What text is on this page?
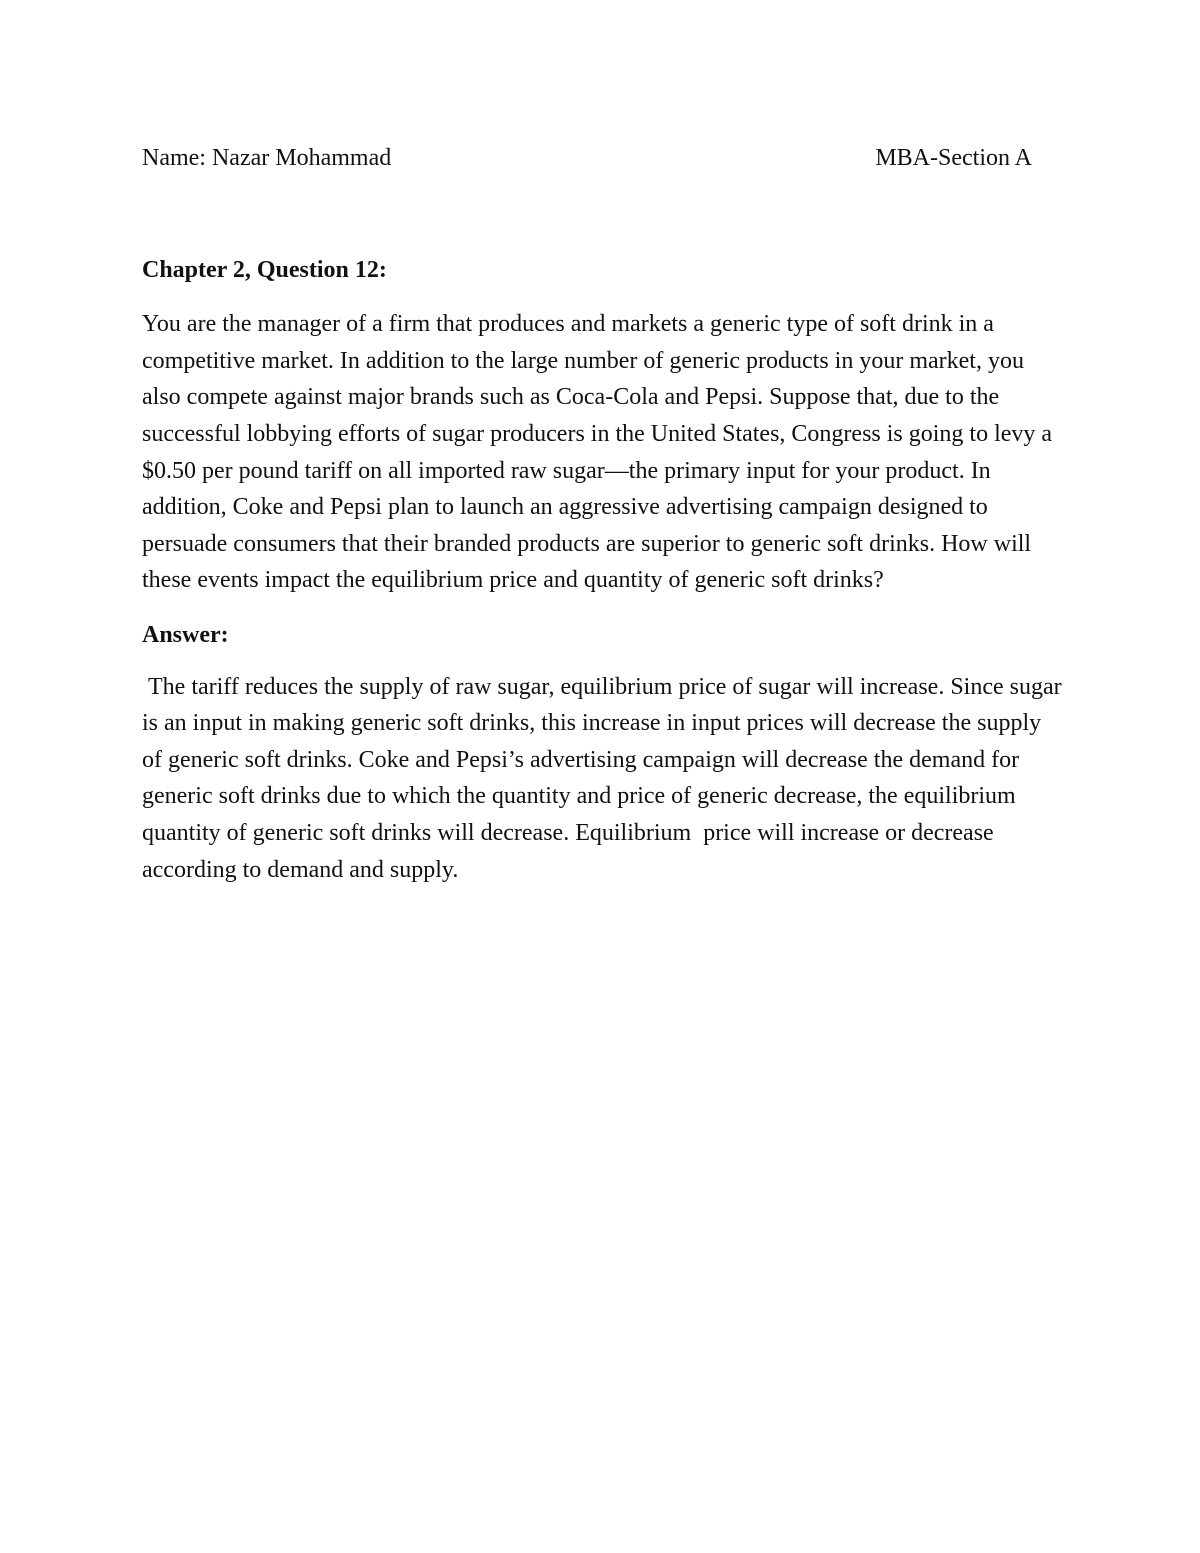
Name: Nazar Mohammad	MBA-Section A

Chapter 2, Question 12:

You are the manager of a firm that produces and markets a generic type of soft drink in a competitive market. In addition to the large number of generic products in your market, you also compete against major brands such as Coca-Cola and Pepsi. Suppose that, due to the successful lobbying efforts of sugar producers in the United States, Congress is going to levy a $0.50 per pound tariff on all imported raw sugar—the primary input for your product. In addition, Coke and Pepsi plan to launch an aggressive advertising campaign designed to persuade consumers that their branded products are superior to generic soft drinks. How will these events impact the equilibrium price and quantity of generic soft drinks?

Answer:

The tariff reduces the supply of raw sugar, equilibrium price of sugar will increase. Since sugar is an input in making generic soft drinks, this increase in input prices will decrease the supply of generic soft drinks. Coke and Pepsi’s advertising campaign will decrease the demand for generic soft drinks due to which the quantity and price of generic decrease, the equilibrium quantity of generic soft drinks will decrease. Equilibrium  price will increase or decrease according to demand and supply.
